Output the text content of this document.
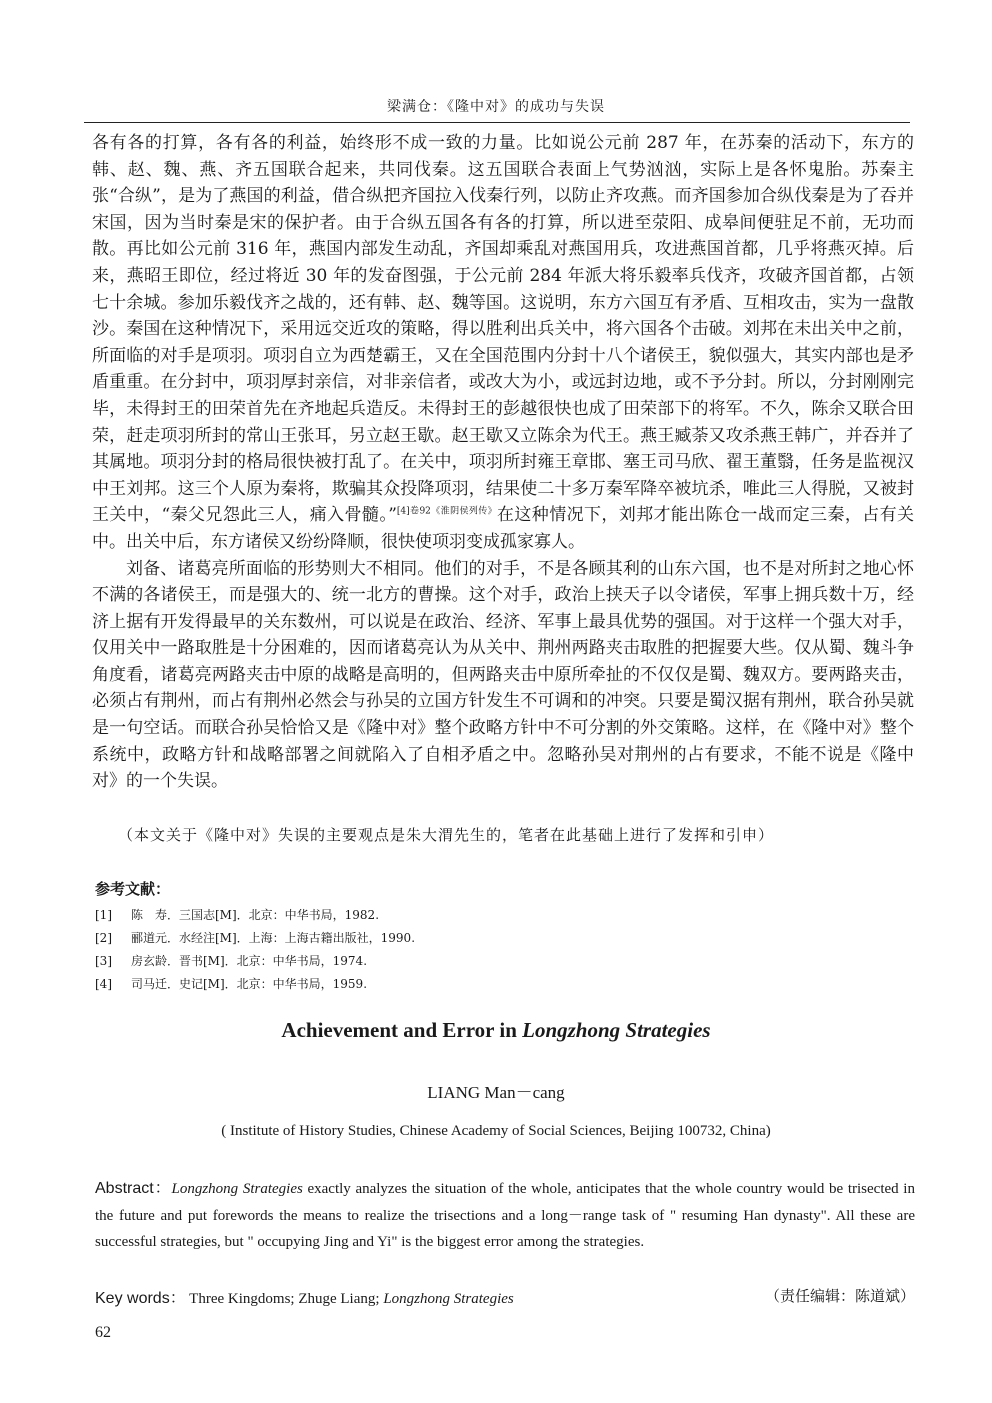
梁满仓：《隆中对》的成功与失误

各有各的打算，各有各的利益，始终形不成一致的力量。比如说公元前 287 年，在苏秦的活动下，东方的韩、赵、魏、燕、齐五国联合起来，共同伐秦。这五国联合表面上气势汹汹，实际上是各怀鬼胎。苏秦主张“合纵”，是为了燕国的利益，借合纵把齐国拉入伐秦行列，以防止齐攻燕。而齐国参加合纵伐秦是为了吞并宋国，因为当时秦是宋的保护者。由于合纵五国各有各的打算，所以进至荥阳、成皋间便驻足不前，无功而散。再比如公元前 316 年，燕国内部发生动乱，齐国却乘乱对燕国用兵，攻进燕国首都，几乎将燕灭掉。后来，燕昭王即位，经过将近 30 年的发奋图强，于公元前 284 年派大将乐毅率兵伐齐，攻破齐国首都，占领七十余城。参加乐毅伐齐之战的，还有韩、赵、魏等国。这说明，东方六国互有矛盾、互相攻击，实为一盘散沙。秦国在这种情况下，采用远交近攻的策略，得以胜利出兵关中，将六国各个击破。刘邦在未出关中之前，所面临的对手是项羽。项羽自立为西楚霸王，又在全国范围内分封十八个诸侯王，貌似强大，其实内部也是矛盾重重。在分封中，项羽厚封亲信，对非亲信者，或改大为小，或远封边地，或不予分封。所以，分封刚刚完毕，未得封王的田荣首先在齐地起兵造反。未得封王的彭越很快也成了田荣部下的将军。不久，陈余又联合田荣，赶走项羽所封的常山王张耳，另立赵王歇。赵王歇又立陈余为代王。燕王臧荼又攻杀燕王韩广，并吞并了其属地。项羽分封的格局很快被打乱了。在关中，项羽所封雍王章邯、塞王司马欣、翟王董翳，任务是监视汉中王刘邦。这三个人原为秦将，欺骗其众投降项羽，结果使二十多万秦军降卒被坑杀，唯此三人得脱，又被封王关中，“秦父兄怨此三人，痛入骨髓。”$^{[4]卷92《淮阴侯列传》}$在这种情况下，刘邦才能出陈仓一战而定三秦，占有关中。出关中后，东方诸侯又纷纷降顺，很快使项羽变成孤家寡人。

刘备、诸葛亮所面临的形势则大不相同。他们的对手，不是各顾其利的山东六国，也不是对所封之地心怀不满的各诸侯王，而是强大的、统一北方的曹操。这个对手，政治上挟天子以令诸侯，军事上拥兵数十万，经济上据有开发得最早的关东数州，可以说是在政治、经济、军事上最具优势的强国。对于这样一个强大对手，仅用关中一路取胜是十分困难的，因而诸葛亮认为从关中、荆州两路夹击取胜的把握要大些。仅从蜀、魏斗争角度看，诸葛亮两路夹击中原的战略是高明的，但两路夹击中原所牵扯的不仅仅是蜀、魏双方。要两路夹击，必须占有荆州，而占有荆州必然会与孙吴的立国方针发生不可调和的冲突。只要是蜀汉据有荆州，联合孙吴就是一句空话。而联合孙吴恰恰又是《隆中对》整个政略方针中不可分割的外交策略。这样，在《隆中对》整个系统中，政略方针和战略部署之间就陷入了自相矛盾之中。忽略孙吴对荆州的占有要求，不能不说是《隆中对》的一个失误。

（本文关于《隆中对》失误的主要观点是朱大渭先生的，笔者在此基础上进行了发挥和引申）
参考文献：
[1]	陈　寿．三国志[M]．北京：中华书局，1982.
[2]	郦道元．水经注[M]．上海：上海古籍出版社，1990.
[3]	房玄龄．晋书[M]．北京：中华书局，1974.
[4]	司马迁．史记[M]．北京：中华书局，1959.
Achievement and Error in Longzhong Strategies
LIANG Man－cang
( Institute of History Studies, Chinese Academy of Social Sciences, Beijing 100732, China)
Abstract：Longzhong Strategies exactly analyzes the situation of the whole, anticipates that the whole country would be trisected in the future and put forewords the means to realize the trisections and a long－range task of " resuming Han dynasty". All these are successful strategies, but " occupying Jing and Yi" is the biggest error among the strategies.
Key words： Three Kingdoms; Zhuge Liang; Longzhong Strategies	（责任编辑：陈道斌）
62
